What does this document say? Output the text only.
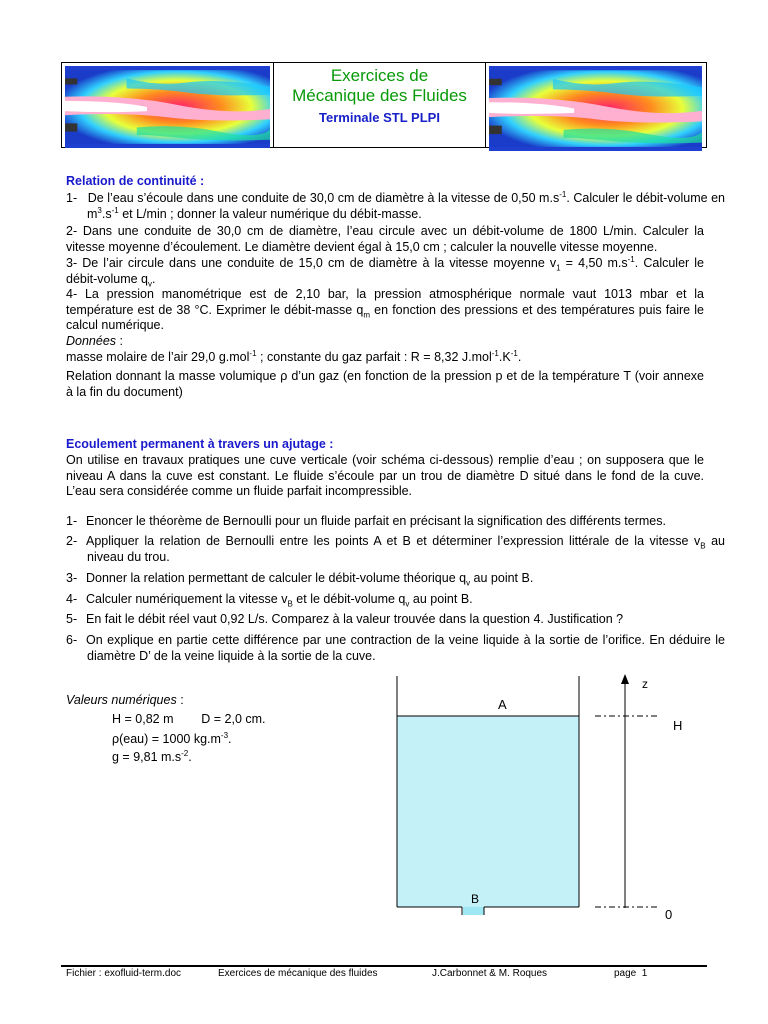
Exercices de
Mécanique des Fluides
Terminale STL PLPI
Relation de continuité :
1- De l’eau s’écoule dans une conduite de 30,0 cm de diamètre à la vitesse de 0,50 $m.s^{-1}$. Calculer le débit-volume en $m^3.s^{-1}$ et L/min ; donner la valeur numérique du débit-masse.
2- Dans une conduite de 30,0 cm de diamètre, l’eau circule avec un débit-volume de 1800 L/min. Calculer la vitesse moyenne d’écoulement. Le diamètre devient égal à 15,0 cm ; calculer la nouvelle vitesse moyenne.
3- De l’air circule dans une conduite de 15,0 cm de diamètre à la vitesse moyenne $v_1 = 4,50$ $m.s^{-1}$. Calculer le débit-volume $q_v$.
4- La pression manométrique est de 2,10 bar, la pression atmosphérique normale vaut 1013 mbar et la température est de 38 °C. Exprimer le débit-masse $q_m$ en fonction des pressions et des températures puis faire le calcul numérique.
Données :
masse molaire de l’air 29,0 g.mol$^{-1}$ ; constante du gaz parfait : R = 8,32 $J.mol^{-1}.K^{-1}$.
Relation donnant la masse volumique ρ d’un gaz (en fonction de la pression p et de la température T (voir annexe à la fin du document)
Ecoulement permanent à travers un ajutage :
On utilise en travaux pratiques une cuve verticale (voir schéma ci-dessous) remplie d’eau ; on supposera que le niveau A dans la cuve est constant. Le fluide s’écoule par un trou de diamètre D situé dans le fond de la cuve. L’eau sera considérée comme un fluide parfait incompressible.
1- Enoncer le théorème de Bernoulli pour un fluide parfait en précisant la signification des différents termes.
2- Appliquer la relation de Bernoulli entre les points A et B et déterminer l’expression littérale de la vitesse $v_B$ au niveau du trou.
3- Donner la relation permettant de calculer le débit-volume théorique $q_v$ au point B.
4- Calculer numériquement la vitesse $v_B$ et le débit-volume $q_v$ au point B.
5- En fait le débit réel vaut 0,92 L/s. Comparez à la valeur trouvée dans la question 4. Justification ?
6- On explique en partie cette différence par une contraction de la veine liquide à la sortie de l’orifice. En déduire le diamètre D’ de la veine liquide à la sortie de la cuve.
Valeurs numériques :
H = 0,82 m        D = 2,0 cm.
ρ(eau) = 1000 $kg.m^{-3}$.
g = 9,81 $m.s^{-2}$.
A
B
z
H
0
Fichier : exofluid-term.doc	Exercices de mécanique des fluides	J.Carbonnet & M. Roques	page  1
